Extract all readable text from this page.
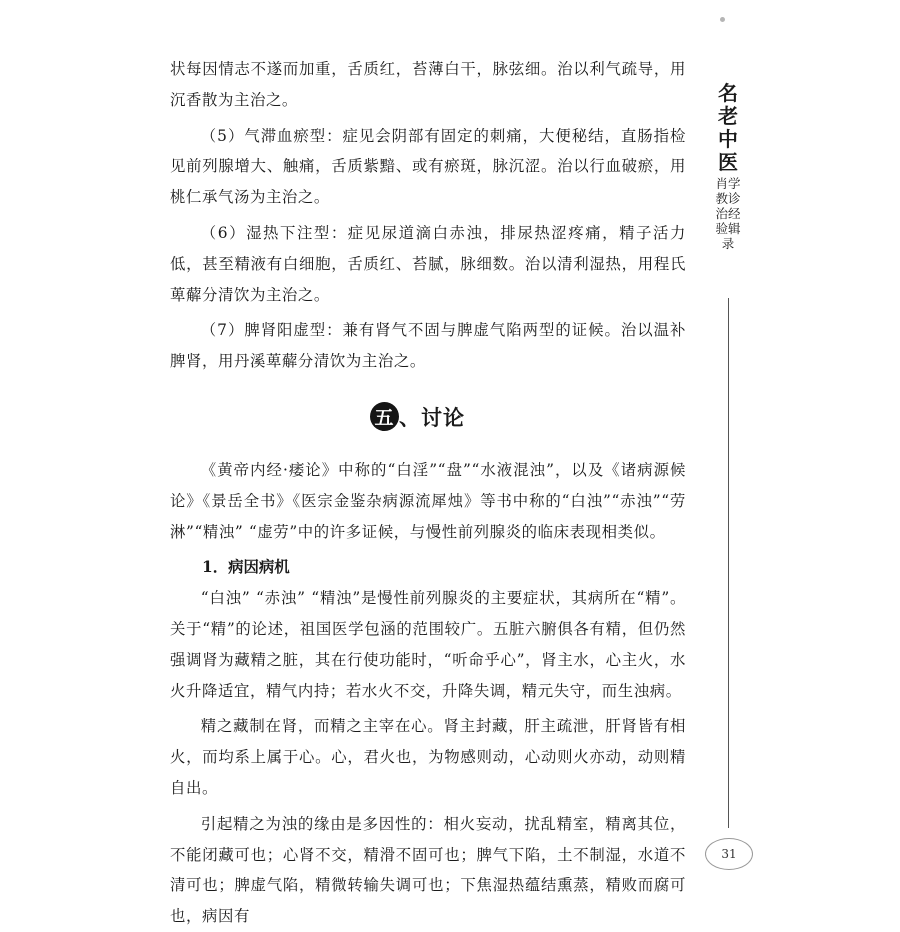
状每因情志不遂而加重，舌质红，苔薄白干，脉弦细。治以利气疏导，用沉香散为主治之。

（5）气滞血瘀型：症见会阴部有固定的刺痛，大便秘结，直肠指检见前列腺增大、触痛，舌质紫黯、或有瘀斑，脉沉涩。治以行血破瘀，用桃仁承气汤为主治之。

（6）湿热下注型：症见尿道滴白赤浊，排尿热涩疼痛，精子活力低，甚至精液有白细胞，舌质红、苔腻，脉细数。治以清利湿热，用程氏萆薢分清饮为主治之。

（7）脾肾阳虚型：兼有肾气不固与脾虚气陷两型的证候。治以温补脾肾，用丹溪萆薢分清饮为主治之。

五 、讨论

《黄帝内经·痿论》中称的“白淫”“盘”“水液混浊”，以及《诸病源候论》《景岳全书》《医宗金鉴杂病源流犀烛》等书中称的“白浊”“赤浊”“劳淋”“精浊” “虚劳”中的许多证候，与慢性前列腺炎的临床表现相类似。

1．病因病机

“白浊” “赤浊” “精浊”是慢性前列腺炎的主要症状，其病所在“精”。关于“精”的论述，祖国医学包涵的范围较广。五脏六腑俱各有精，但仍然强调肾为藏精之脏，其在行使功能时，“听命乎心”，肾主水，心主火，水火升降适宜，精气内持；若水火不交，升降失调，精元失守，而生浊病。

精之藏制在肾，而精之主宰在心。肾主封藏，肝主疏泄，肝肾皆有相火，而均系上属于心。心，君火也，为物感则动，心动则火亦动，动则精自出。

引起精之为浊的缘由是多因性的：相火妄动，扰乱精室，精离其位，不能闭藏可也；心肾不交，精滑不固可也；脾气下陷，土不制湿，水道不清可也；脾虚气陷，精微转输失调可也；下焦湿热蕴结熏蒸，精败而腐可也，病因有

名老中医
肖学教诊治经验辑录
31
